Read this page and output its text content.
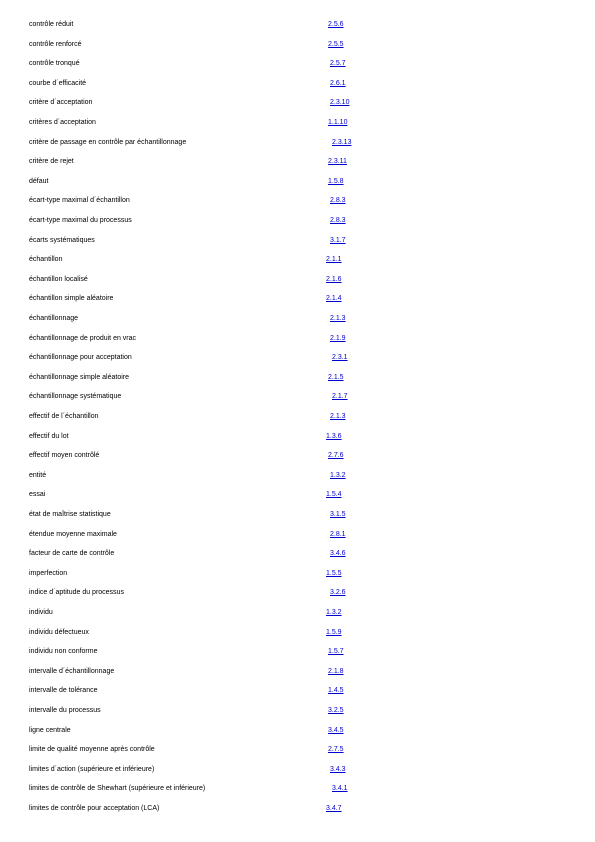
contrôle réduit	2.5.6
contrôle renforcé	2.5.5
contrôle tronqué	2.5.7
courbe d´efficacité	2.6.1
critère d´acceptation	2.3.10
critères d´acceptation	1.1.10
critère de passage en contrôle par échantillonnage	2.3.13
critère de rejet	2.3.11
défaut	1.5.8
écart-type maximal d´échantillon	2.8.3
écart-type maximal du processus	2.8.3
écarts systématiques	3.1.7
échantillon	2.1.1
échantillon localisé	2.1.6
échantillon simple aléatoire	2.1.4
échantillonnage	2.1.3
échantillonnage de produit en vrac	2.1.9
échantillonnage pour acceptation	2.3.1
échantillonnage simple aléatoire	2.1.5
échantillonnage systématique	2.1.7
effectif de l´échantillon	2.1.3
effectif du lot	1.3.6
effectif moyen contrôlé	2.7.6
entité	1.3.2
essai	1.5.4
état de maîtrise statistique	3.1.5
étendue moyenne maximale	2.8.1
facteur de carte de contrôle	3.4.6
imperfection	1.5.5
indice d´aptitude du processus	3.2.6
individu	1.3.2
individu défectueux	1.5.9
individu non conforme	1.5.7
intervalle d´échantillonnage	2.1.8
intervalle de tolérance	1.4.5
intervalle du processus	3.2.5
ligne centrale	3.4.5
limite de qualité moyenne après contrôle	2.7.5
limites d´action (supérieure et inférieure)	3.4.3
limites de contrôle de Shewhart (supérieure et inférieure)	3.4.1
limites de contrôle pour acceptation (LCA)	3.4.7
